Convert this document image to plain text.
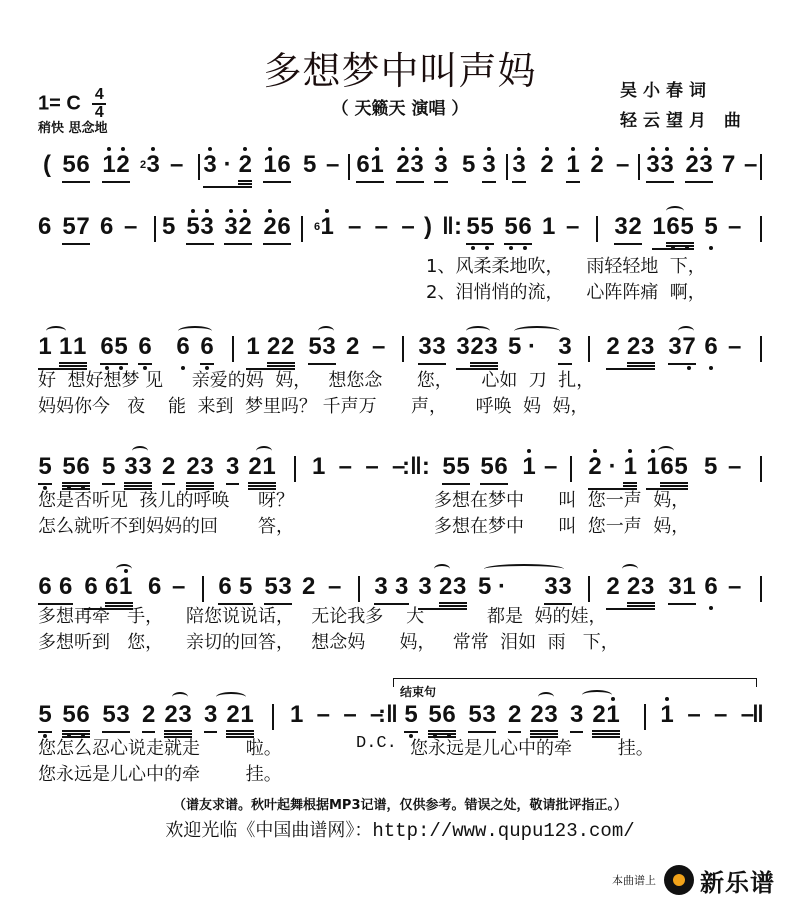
多想梦中叫声妈
（ 天籁天 演唱 ）
1= C $\frac{4}{4}$
稍快 思念地
吴小春词
轻云望月 曲
( 56 12 $^2$3 – 3 · 2 16 5 – 61 23 3 5 3 3 2 1 2 – 33 23 7 –
6 57 6 – 5 53 32 26 $^6$1 –  –  – ) ‖: 55 56 1 – 32 165 5 –
1、风柔柔地吹，    雨轻轻地  下，
2、泪悄悄的流，    心阵阵痛  啊，
1 11 65 6 6 6 1 22 53 2 – 33 323 5 · 3 2 23 37 6 –
好  想好想梦 见     亲爱的妈  妈，   想您念      您，     心如  刀  扎，
妈妈你今   夜    能  来到  梦里吗？ 千声万      声，     呼唤  妈  妈，
5 56 5 33 2 23 3 21 1  –  –  –
:‖: 55 56 1 – 2 · 1 165 5 –
您是否听见  孩儿的呼唤     呀？
怎么就听不到妈妈的回       答，
多想在梦中      叫  您一声  妈，
多想在梦中      叫  您一声  妈，
6 6 6 61 6 – 6 5 53 2 – 3 3 3 23 5 · 33 2 23 31 6 –
多想再牵   手，    陪您说说话，   无论我多    大           都是  妈的娃，
多想听到   您，    亲切的回答，   想念妈      妈，   常常  泪如  雨   下，
结束句
5 56 53 2 23 3 21 1  –  –  –
:‖
D.C.
5 56 53 2 23 3 21 1  –  –  –
‖
您怎么忍心说走就走        啦。
您永远是儿心中的牵        挂。
您永远是儿心中的牵        挂。
（谱友求谱。秋叶起舞根据MP3记谱，仅供参考。错误之处，敬请批评指正。）
欢迎光临《中国曲谱网》：http://www.qupu123.com/
本曲谱上 新乐谱
